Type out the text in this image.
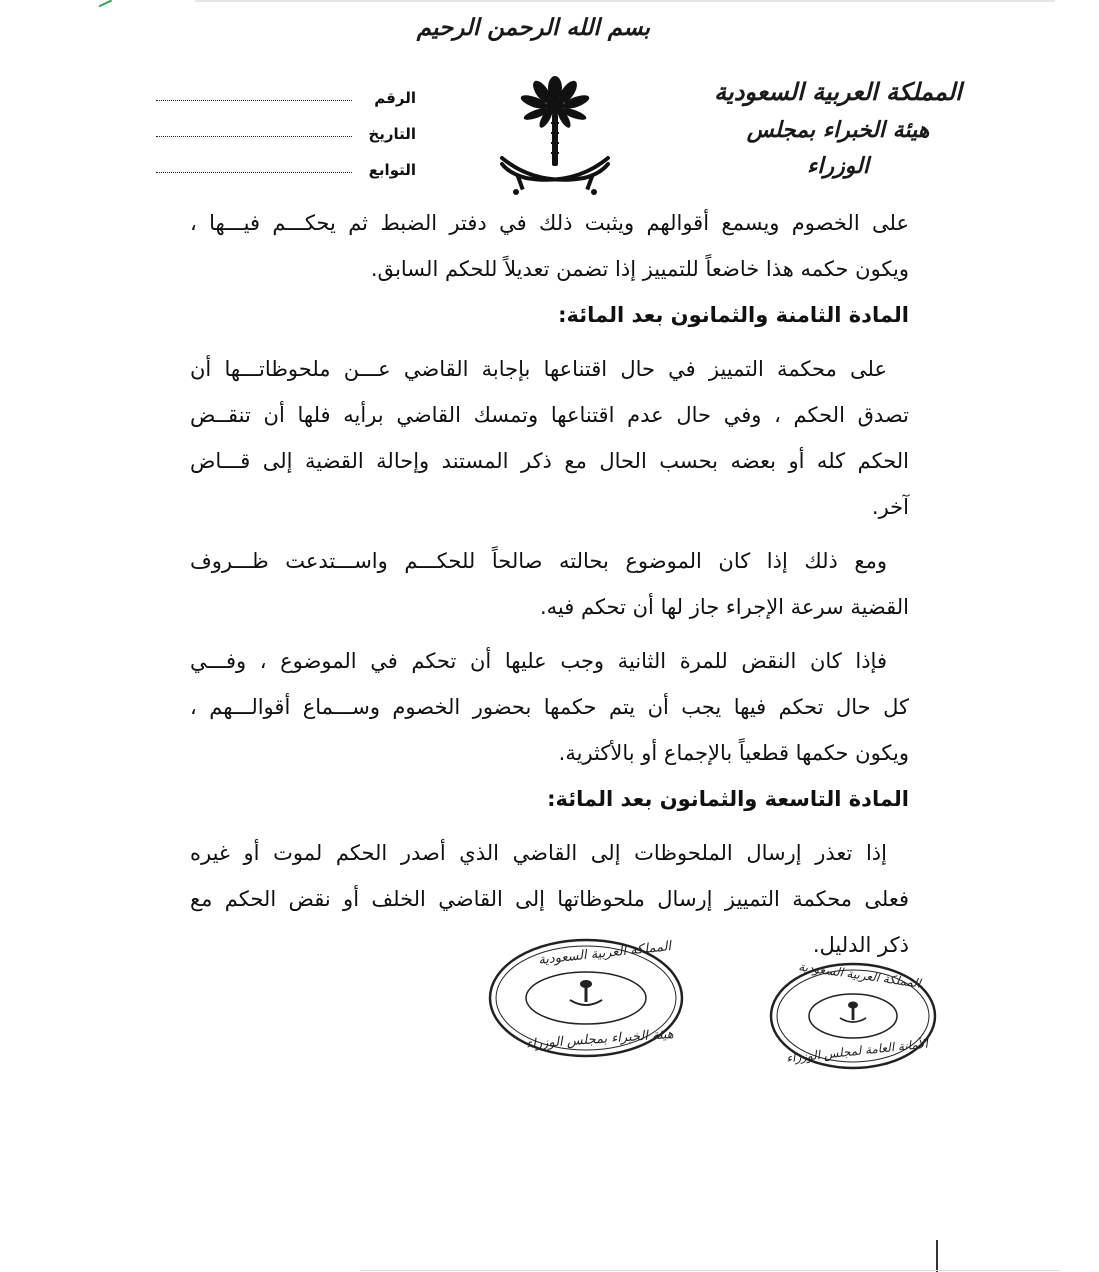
بسم الله الرحمن الرحيم
المملكة العربية السعودية
هيئة الخبراء بمجلس الوزراء
الرقم
التاريخ
التوابع
على الخصوم ويسمع أقوالهم ويثبت ذلك في دفتر الضبط ثم يحكـــم فيـــها ،
ويكون حكمه هذا خاضعاً للتمييز إذا تضمن تعديلاً للحكم السابق.
المادة الثامنة والثمانون بعد المائة:
على محكمة التمييز في حال اقتناعها بإجابة القاضي عـــن ملحوظاتـــها أن
تصدق الحكم ، وفي حال عدم اقتناعها وتمسك القاضي برأيه فلها أن تنقــض
الحكم كله أو بعضه بحسب الحال مع ذكر المستند وإحالة القضية إلى قـــاض
آخر.
ومع ذلك إذا كان الموضوع بحالته صالحاً للحكـــم واســـتدعت ظـــروف
القضية سرعة الإجراء جاز لها أن تحكم فيه.
فإذا كان النقض للمرة الثانية وجب عليها أن تحكم في الموضوع ، وفـــي
كل حال تحكم فيها يجب أن يتم حكمها بحضور الخصوم وســـماع أقوالـــهم ،
ويكون حكمها قطعياً بالإجماع أو بالأكثرية.
المادة التاسعة والثمانون بعد المائة:
إذا تعذر إرسال الملحوظات إلى القاضي الذي أصدر الحكم لموت أو غيره
فعلى محكمة التمييز إرسال ملحوظاتها إلى القاضي الخلف أو نقض الحكم مع
ذكر الدليل.
المملكة العربية السعودية
هيئة الخبراء بمجلس الوزراء
المملكة العربية السعودية
الأمانة العامة لمجلس الوزراء
